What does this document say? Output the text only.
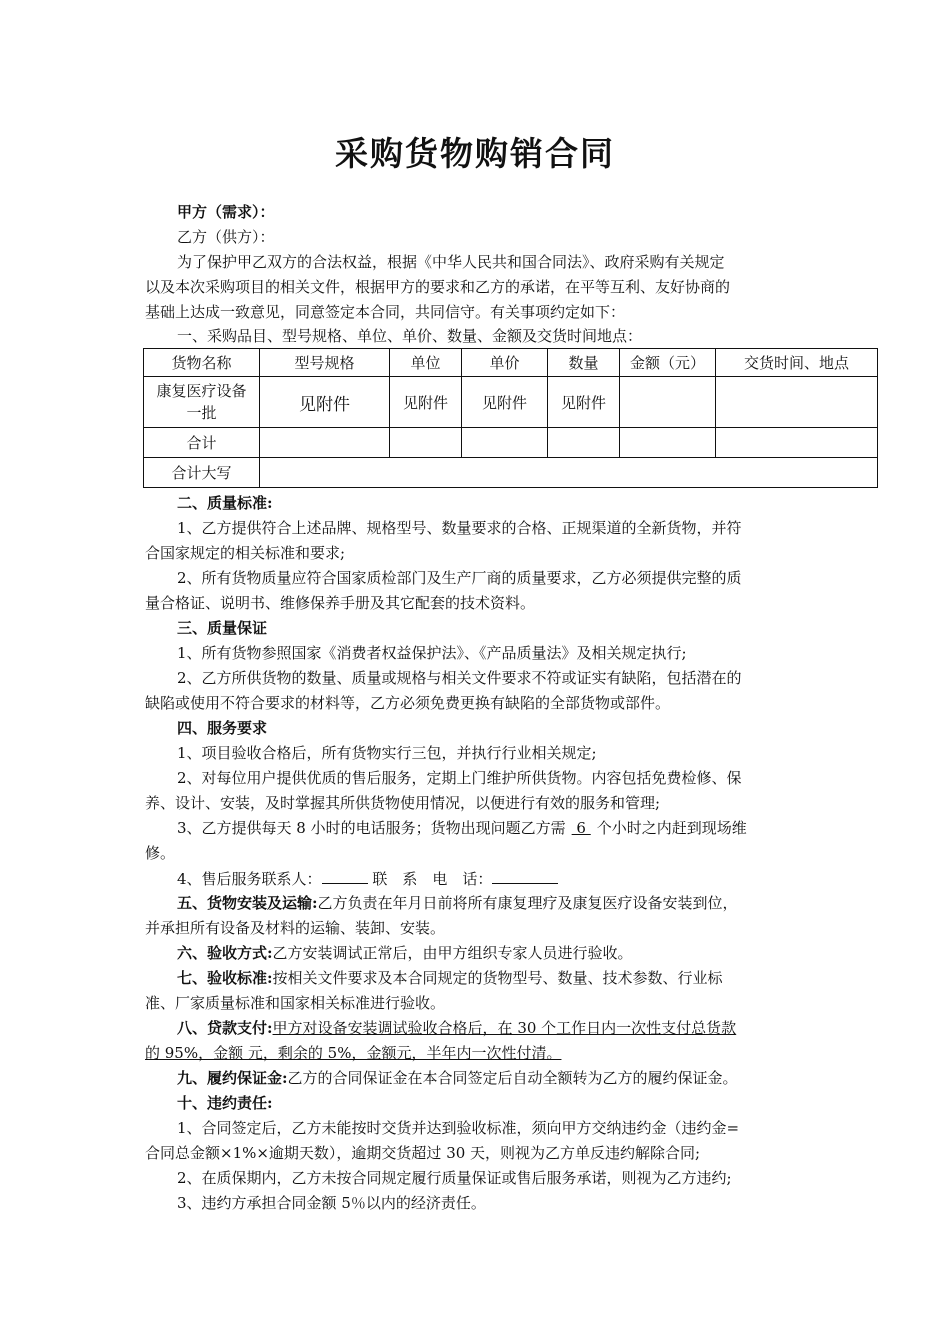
采购货物购销合同
甲方（需求）：
乙方（供方）：
为了保护甲乙双方的合法权益，根据《中华人民共和国合同法》、政府采购有关规定
以及本次采购项目的相关文件，根据甲方的要求和乙方的承诺，在平等互利、友好协商的
基础上达成一致意见，同意签定本合同，共同信守。有关事项约定如下：
一、采购品目、型号规格、单位、单价、数量、金额及交货时间地点：
货物名称	型号规格	单位	单价	数量	金额（元）	交货时间、地点
康复医疗设备
一批	见附件	见附件	见附件	见附件		
合计						
合计大写						
二、质量标准:
1、乙方提供符合上述品牌、规格型号、数量要求的合格、正规渠道的全新货物，并符
合国家规定的相关标准和要求;
2、所有货物质量应符合国家质检部门及生产厂商的质量要求，乙方必须提供完整的质
量合格证、说明书、维修保养手册及其它配套的技术资料。
三、质量保证
1、所有货物参照国家《消费者权益保护法》、《产品质量法》及相关规定执行;
2、乙方所供货物的数量、质量或规格与相关文件要求不符或证实有缺陷，包括潜在的
缺陷或使用不符合要求的材料等，乙方必须免费更换有缺陷的全部货物或部件。
四、服务要求
1、项目验收合格后，所有货物实行三包，并执行行业相关规定;
2、对每位用户提供优质的售后服务，定期上门维护所供货物。内容包括免费检修、保
养、设计、安装，及时掌握其所供货物使用情况，以便进行有效的服务和管理;
3、乙方提供每天 8 小时的电话服务；货物出现问题乙方需 6 个小时之内赶到现场维
修。
4、售后服务联系人：	联　系　电　话：
五、货物安装及运输:乙方负责在年月日前将所有康复理疗及康复医疗设备安装到位，
并承担所有设备及材料的运输、装卸、安装。
六、验收方式:乙方安装调试正常后，由甲方组织专家人员进行验收。
七、验收标准:按相关文件要求及本合同规定的货物型号、数量、技术参数、行业标
准、厂家质量标准和国家相关标准进行验收。
八、贷款支付:甲方对设备安装调试验收合格后，在 30 个工作日内一次性支付总货款
的 95%，金额 元，剩余的 5%，金额元，半年内一次性付清。
九、履约保证金:乙方的合同保证金在本合同签定后自动全额转为乙方的履约保证金。
十、违约责任:
1、合同签定后，乙方未能按时交货并达到验收标准，须向甲方交纳违约金（违约金=
合同总金额×1%×逾期天数），逾期交货超过 30 天，则视为乙方单反违约解除合同;
2、在质保期内，乙方未按合同规定履行质量保证或售后服务承诺，则视为乙方违约;
3、违约方承担合同金额 5％以内的经济责任。
